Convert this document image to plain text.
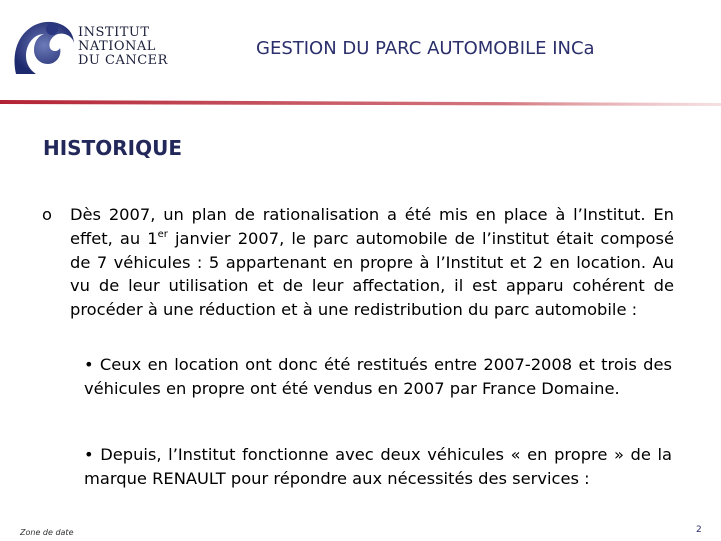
INSTITUT
NATIONAL
DU CANCER
GESTION DU PARC AUTOMOBILE INCa
HISTORIQUE
o Dès 2007, un plan de rationalisation a été mis en place à l’Institut. En effet, au 1er janvier 2007, le parc automobile de l’institut était composé de 7 véhicules : 5 appartenant en propre à l’Institut et 2 en location. Au vu de leur utilisation et de leur affectation, il est apparu cohérent de procéder à une réduction et à une redistribution du parc automobile :
• Ceux en location ont donc été restitués entre 2007-2008 et trois des véhicules en propre ont été vendus en 2007 par France Domaine.
• Depuis, l’Institut fonctionne avec deux véhicules « en propre » de la marque RENAULT pour répondre aux nécessités des services :
Zone de date	2
